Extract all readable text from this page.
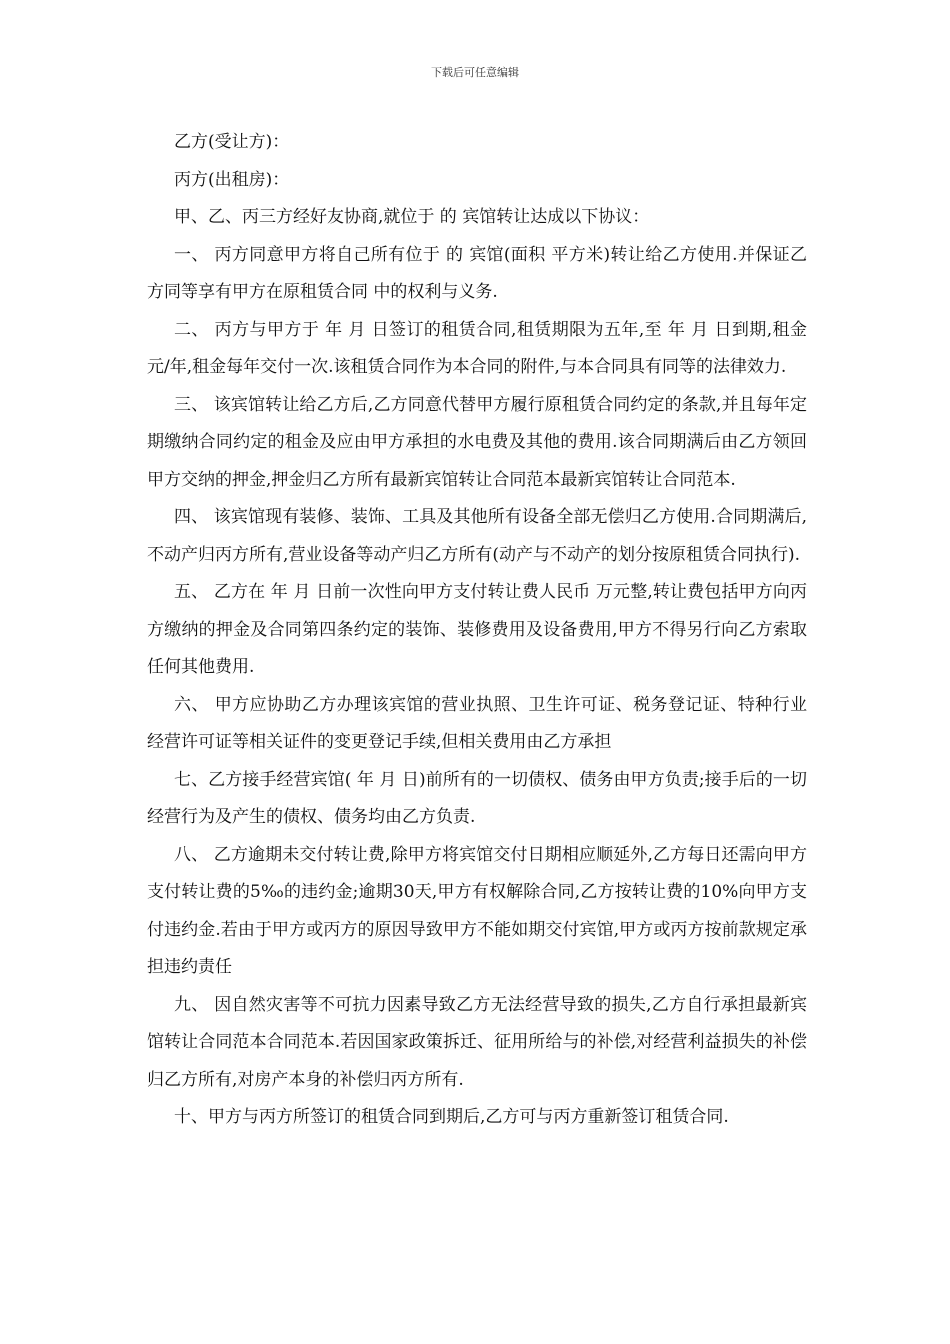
下载后可任意编辑

乙方(受让方)：

丙方(出租房)：

甲、乙、丙三方经好友协商,就位于 的 宾馆转让达成以下协议：

一、 丙方同意甲方将自己所有位于 的 宾馆(面积 平方米)转让给乙方使用.并保证乙方同等享有甲方在原租赁合同 中的权利与义务.

二、 丙方与甲方于 年 月 日签订的租赁合同,租赁期限为五年,至 年 月 日到期,租金 元/年,租金每年交付一次.该租赁合同作为本合同的附件,与本合同具有同等的法律效力.

三、 该宾馆转让给乙方后,乙方同意代替甲方履行原租赁合同约定的条款,并且每年定期缴纳合同约定的租金及应由甲方承担的水电费及其他的费用.该合同期满后由乙方领回甲方交纳的押金,押金归乙方所有最新宾馆转让合同范本最新宾馆转让合同范本.

四、 该宾馆现有装修、装饰、工具及其他所有设备全部无偿归乙方使用.合同期满后,不动产归丙方所有,营业设备等动产归乙方所有(动产与不动产的划分按原租赁合同执行).

五、 乙方在 年 月 日前一次性向甲方支付转让费人民币 万元整,转让费包括甲方向丙方缴纳的押金及合同第四条约定的装饰、装修费用及设备费用,甲方不得另行向乙方索取任何其他费用.

六、 甲方应协助乙方办理该宾馆的营业执照、卫生许可证、税务登记证、特种行业经营许可证等相关证件的变更登记手续,但相关费用由乙方承担

七、乙方接手经营宾馆( 年 月 日)前所有的一切债权、债务由甲方负责;接手后的一切经营行为及产生的债权、债务均由乙方负责.

八、 乙方逾期未交付转让费,除甲方将宾馆交付日期相应顺延外,乙方每日还需向甲方支付转让费的5‰的违约金;逾期30天,甲方有权解除合同,乙方按转让费的10%向甲方支付违约金.若由于甲方或丙方的原因导致甲方不能如期交付宾馆,甲方或丙方按前款规定承担违约责任

九、 因自然灾害等不可抗力因素导致乙方无法经营导致的损失,乙方自行承担最新宾馆转让合同范本合同范本.若因国家政策拆迁、征用所给与的补偿,对经营利益损失的补偿归乙方所有,对房产本身的补偿归丙方所有.

十、甲方与丙方所签订的租赁合同到期后,乙方可与丙方重新签订租赁合同.
